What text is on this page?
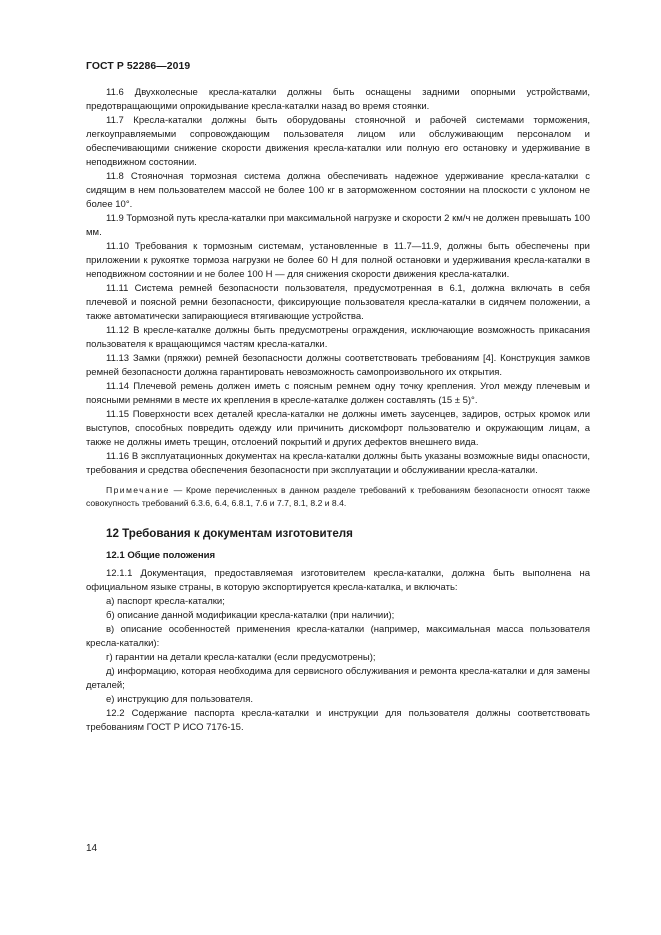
ГОСТ Р 52286—2019

11.6 Двухколесные кресла-каталки должны быть оснащены задними опорными устройствами, предотвращающими опрокидывание кресла-каталки назад во время стоянки.

11.7 Кресла-каталки должны быть оборудованы стояночной и рабочей системами торможения, легкоуправляемыми сопровождающим пользователя лицом или обслуживающим персоналом и обеспечивающими снижение скорости движения кресла-каталки или полную его остановку и удерживание в неподвижном состоянии.

11.8 Стояночная тормозная система должна обеспечивать надежное удерживание кресла-каталки с сидящим в нем пользователем массой не более 100 кг в заторможенном состоянии на плоскости с уклоном не более 10°.

11.9 Тормозной путь кресла-каталки при максимальной нагрузке и скорости 2 км/ч не должен превышать 100 мм.

11.10 Требования к тормозным системам, установленные в 11.7—11.9, должны быть обеспечены при приложении к рукоятке тормоза нагрузки не более 60 Н для полной остановки и удерживания кресла-каталки в неподвижном состоянии и не более 100 Н — для снижения скорости движения кресла-каталки.

11.11 Система ремней безопасности пользователя, предусмотренная в 6.1, должна включать в себя плечевой и поясной ремни безопасности, фиксирующие пользователя кресла-каталки в сидячем положении, а также автоматически запирающиеся втягивающие устройства.

11.12 В кресле-каталке должны быть предусмотрены ограждения, исключающие возможность прикасания пользователя к вращающимся частям кресла-каталки.

11.13 Замки (пряжки) ремней безопасности должны соответствовать требованиям [4]. Конструкция замков ремней безопасности должна гарантировать невозможность самопроизвольного их открытия.

11.14 Плечевой ремень должен иметь с поясным ремнем одну точку крепления. Угол между плечевым и поясными ремнями в месте их крепления в кресле-каталке должен составлять (15 ± 5)°.

11.15 Поверхности всех деталей кресла-каталки не должны иметь заусенцев, задиров, острых кромок или выступов, способных повредить одежду или причинить дискомфорт пользователю и окружающим лицам, а также не должны иметь трещин, отслоений покрытий и других дефектов внешнего вида.

11.16 В эксплуатационных документах на кресла-каталки должны быть указаны возможные виды опасности, требования и средства обеспечения безопасности при эксплуатации и обслуживании кресла-каталки.

Примечание — Кроме перечисленных в данном разделе требований к требованиям безопасности относят также совокупность требований 6.3.6, 6.4, 6.8.1, 7.6 и 7.7, 8.1, 8.2 и 8.4.

12 Требования к документам изготовителя
12.1 Общие положения

12.1.1 Документация, предоставляемая изготовителем кресла-каталки, должна быть выполнена на официальном языке страны, в которую экспортируется кресла-каталка, и включать:

а) паспорт кресла-каталки;

б) описание данной модификации кресла-каталки (при наличии);

в) описание особенностей применения кресла-каталки (например, максимальная масса пользователя кресла-каталки):

г) гарантии на детали кресла-каталки (если предусмотрены);

д) информацию, которая необходима для сервисного обслуживания и ремонта кресла-каталки и для замены деталей;

е) инструкцию для пользователя.

12.2 Содержание паспорта кресла-каталки и инструкции для пользователя должны соответствовать требованиям ГОСТ Р ИСО 7176-15.

14
